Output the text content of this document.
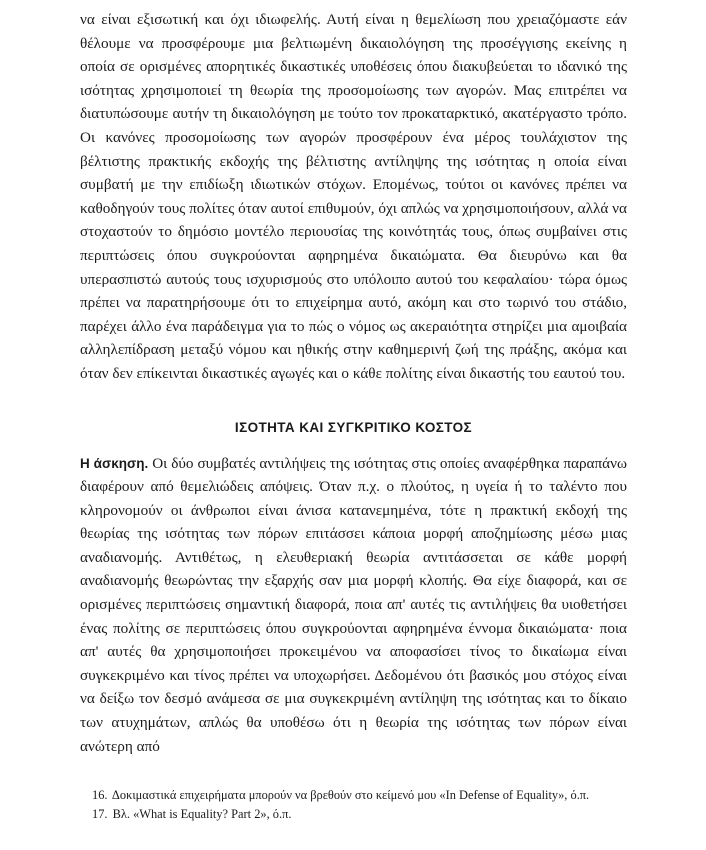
να είναι εξισωτική και όχι ιδιωφελής. Αυτή είναι η θεμελίωση που χρειαζόμαστε εάν θέλουμε να προσφέρουμε μια βελτιωμένη δικαιολόγηση της προσέγγισης εκείνης η οποία σε ορισμένες απορητικές δικαστικές υποθέσεις όπου διακυβεύεται το ιδανικό της ισότητας χρησιμοποιεί τη θεωρία της προσομοίωσης των αγορών. Μας επιτρέπει να διατυπώσουμε αυτήν τη δικαιολόγηση με τούτο τον προκαταρκτικό, ακατέργαστο τρόπο. Οι κανόνες προσομοίωσης των αγορών προσφέρουν ένα μέρος τουλάχιστον της βέλτιστης πρακτικής εκδοχής της βέλτιστης αντίληψης της ισότητας η οποία είναι συμβατή με την επιδίωξη ιδιωτικών στόχων. Επομένως, τούτοι οι κανόνες πρέπει να καθοδηγούν τους πολίτες όταν αυτοί επιθυμούν, όχι απλώς να χρησιμοποιήσουν, αλλά να στοχαστούν το δημόσιο μοντέλο περιουσίας της κοινότητάς τους, όπως συμβαίνει στις περιπτώσεις όπου συγκρούονται αφηρημένα δικαιώματα. Θα διευρύνω και θα υπερασπιστώ αυτούς τους ισχυρισμούς στο υπόλοιπο αυτού του κεφαλαίου· τώρα όμως πρέπει να παρατηρήσουμε ότι το επιχείρημα αυτό, ακόμη και στο τωρινό του στάδιο, παρέχει άλλο ένα παράδειγμα για το πώς ο νόμος ως ακεραιότητα στηρίζει μια αμοιβαία αλληλεπίδραση μεταξύ νόμου και ηθικής στην καθημερινή ζωή της πράξης, ακόμα και όταν δεν επίκεινται δικαστικές αγωγές και ο κάθε πολίτης είναι δικαστής του εαυτού του.

ΙΣΟΤΗΤΑ ΚΑΙ ΣΥΓΚΡΙΤΙΚΟ ΚΟΣΤΟΣ

Η άσκηση. Οι δύο συμβατές αντιλήψεις της ισότητας στις οποίες αναφέρθηκα παραπάνω διαφέρουν από θεμελιώδεις απόψεις. Όταν π.χ. ο πλούτος, η υγεία ή το ταλέντο που κληρονομούν οι άνθρωποι είναι άνισα κατανεμημένα, τότε η πρακτική εκδοχή της θεωρίας της ισότητας των πόρων επιτάσσει κάποια μορφή αποζημίωσης μέσω μιας αναδιανομής. Αντιθέτως, η ελευθεριακή θεωρία αντιτάσσεται σε κάθε μορφή αναδιανομής θεωρώντας την εξαρχής σαν μια μορφή κλοπής. Θα είχε διαφορά, και σε ορισμένες περιπτώσεις σημαντική διαφορά, ποια απ' αυτές τις αντιλήψεις θα υιοθετήσει ένας πολίτης σε περιπτώσεις όπου συγκρούονται αφηρημένα έννομα δικαιώματα· ποια απ' αυτές θα χρησιμοποιήσει προκειμένου να αποφασίσει τίνος το δικαίωμα είναι συγκεκριμένο και τίνος πρέπει να υποχωρήσει. Δεδομένου ότι βασικός μου στόχος είναι να δείξω τον δεσμό ανάμεσα σε μια συγκεκριμένη αντίληψη της ισότητας και το δίκαιο των ατυχημάτων, απλώς θα υποθέσω ότι η θεωρία της ισότητας των πόρων είναι ανώτερη από

16. Δοκιμαστικά επιχειρήματα μπορούν να βρεθούν στο κείμενό μου «In Defense of Equality», ό.π.

17. Βλ. «What is Equality? Part 2», ό.π.
